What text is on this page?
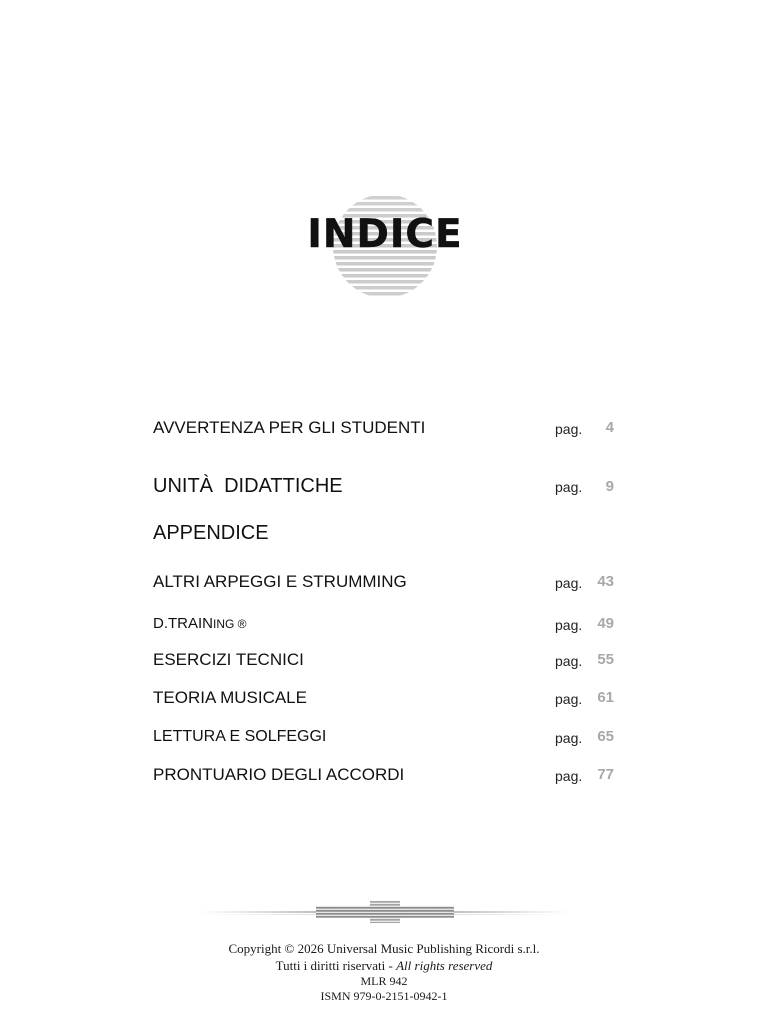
INDICE
AVVERTENZA PER GLI STUDENTI	pag.	4
UNITÀ  DIDATTICHE	pag.	9
APPENDICE
ALTRI ARPEGGI E STRUMMING	pag.	43
D.TRAINING ®	pag.	49
ESERCIZI TECNICI	pag.	55
TEORIA MUSICALE	pag.	61
LETTURA E SOLFEGGI	pag.	65
PRONTUARIO DEGLI ACCORDI	pag.	77
Copyright © 2026 Universal Music Publishing Ricordi s.r.l.
Tutti i diritti riservati - All rights reserved
MLR 942
ISMN 979-0-2151-0942-1
